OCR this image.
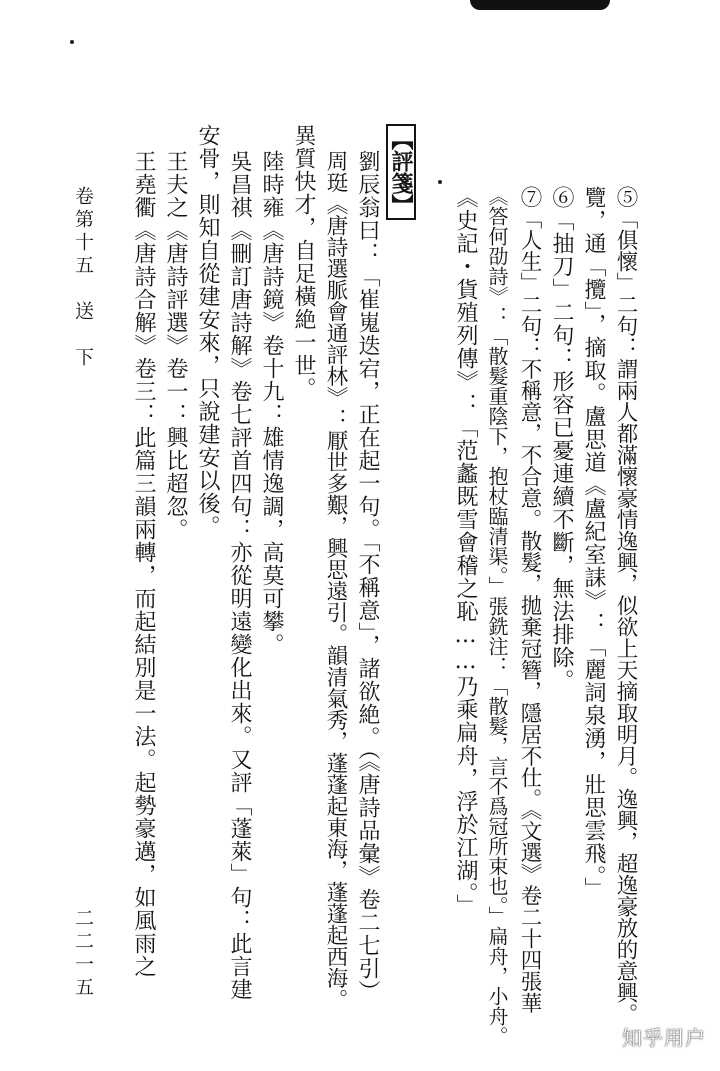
卷第十五　送　下
二二一五	⑤「俱懷」二句：謂兩人都滿懷豪情逸興，似欲上天摘取明月。逸興，超逸豪放的意興。
覽，通「攬」，摘取。盧思道《盧紀室誄》：「麗詞泉湧，壯思雲飛。」
⑥「抽刀」二句：形容已憂連續不斷，無法排除。
⑦「人生」二句：不稱意，不合意。散髮，拋棄冠簪，隱居不仕。《文選》卷二十四張華
《答何劭詩》：「散髮重陰下，抱杖臨清渠。」張銑注：「散髮，言不爲冠所束也。」扁舟，小舟。
《史記・貨殖列傳》：「范蠡既雪會稽之恥……乃乘扁舟，浮於江湖。」
【評箋】
劉辰翁曰：「崔嵬迭宕，正在起一句。「不稱意」，諸欲絶。（《唐詩品彙》卷二七引）
周珽《唐詩選脈會通評林》：厭世多艱，興思遠引。韻清氣秀，蓬蓬起東海，蓬蓬起西海。
異質快才，自足橫絶一世。
陸時雍《唐詩鏡》卷十九：雄情逸調，高莫可攀。
吳昌祺《刪訂唐詩解》卷七評首四句：亦從明遠變化出來。又評「蓬萊」句：此言建
安骨，則知自從建安來，只說建安以後。
王夫之《唐詩評選》卷一：興比超忽。
王堯衢《唐詩合解》卷三：此篇三韻兩轉，而起結別是一法。起勢豪邁，如風雨之
知乎用户
